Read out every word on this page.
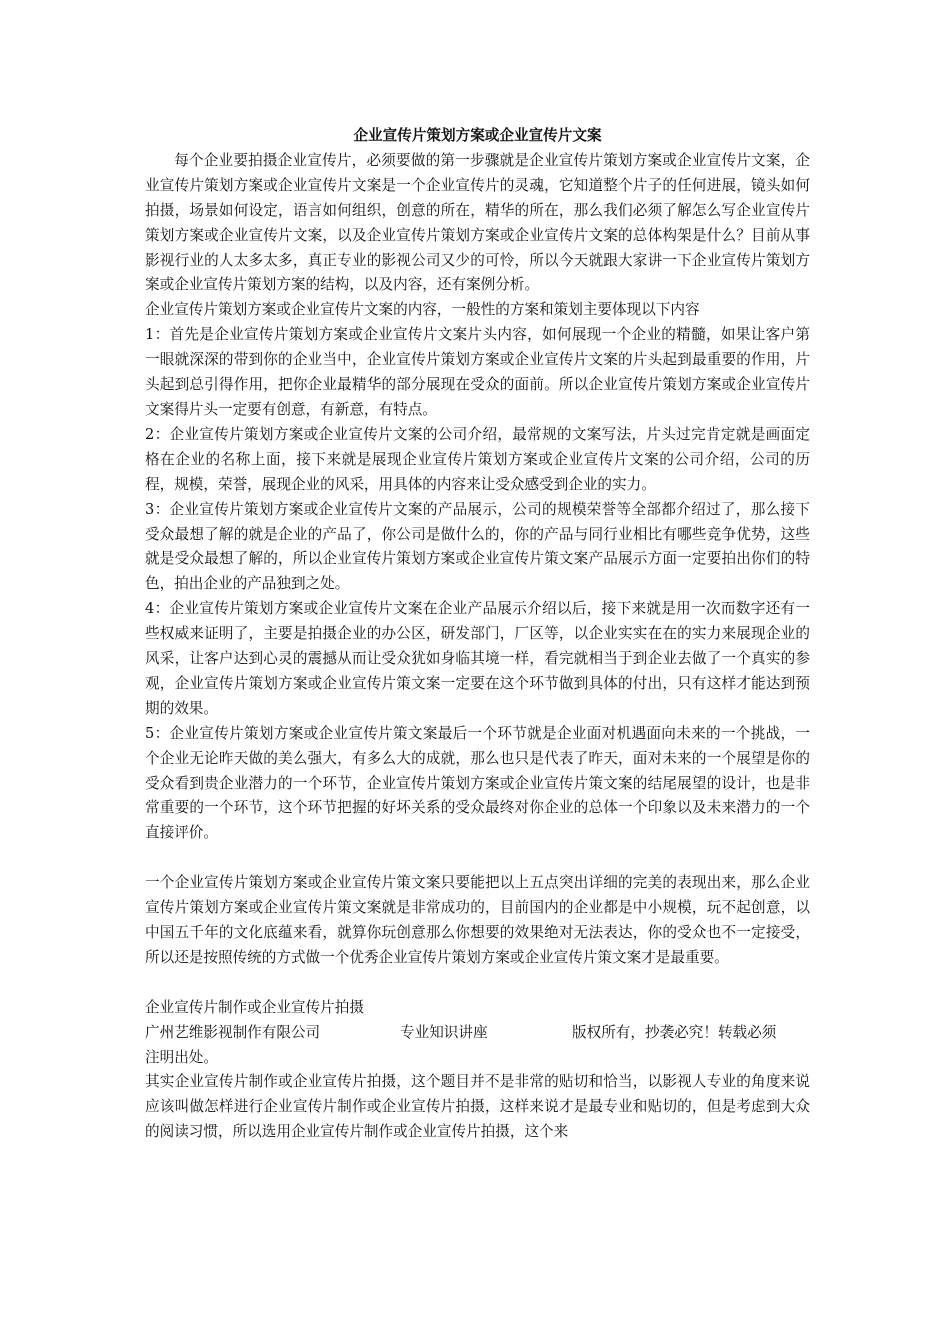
企业宣传片策划方案或企业宣传片文案

每个企业要拍摄企业宣传片，必须要做的第一步骤就是企业宣传片策划方案或企业宣传片文案，企业宣传片策划方案或企业宣传片文案是一个企业宣传片的灵魂，它知道整个片子的任何进展，镜头如何拍摄，场景如何设定，语言如何组织，创意的所在，精华的所在，那么我们必须了解怎么写企业宣传片策划方案或企业宣传片文案，以及企业宣传片策划方案或企业宣传片文案的总体构架是什么？目前从事影视行业的人太多太多，真正专业的影视公司又少的可怜，所以今天就跟大家讲一下企业宣传片策划方案或企业宣传片策划方案的结构，以及内容，还有案例分析。

企业宣传片策划方案或企业宣传片文案的内容，一般性的方案和策划主要体现以下内容

1：首先是企业宣传片策划方案或企业宣传片文案片头内容，如何展现一个企业的精髓，如果让客户第一眼就深深的带到你的企业当中，企业宣传片策划方案或企业宣传片文案的片头起到最重要的作用，片头起到总引得作用，把你企业最精华的部分展现在受众的面前。所以企业宣传片策划方案或企业宣传片文案得片头一定要有创意，有新意，有特点。

2：企业宣传片策划方案或企业宣传片文案的公司介绍，最常规的文案写法，片头过完肯定就是画面定格在企业的名称上面，接下来就是展现企业宣传片策划方案或企业宣传片文案的公司介绍，公司的历程，规模，荣誉，展现企业的风采，用具体的内容来让受众感受到企业的实力。

3：企业宣传片策划方案或企业宣传片文案的产品展示，公司的规模荣誉等全部都介绍过了，那么接下受众最想了解的就是企业的产品了，你公司是做什么的，你的产品与同行业相比有哪些竞争优势，这些就是受众最想了解的，所以企业宣传片策划方案或企业宣传片策文案产品展示方面一定要拍出你们的特色，拍出企业的产品独到之处。

4：企业宣传片策划方案或企业宣传片文案在企业产品展示介绍以后，接下来就是用一次而数字还有一些权威来证明了，主要是拍摄企业的办公区，研发部门，厂区等，以企业实实在在的实力来展现企业的风采，让客户达到心灵的震撼从而让受众犹如身临其境一样，看完就相当于到企业去做了一个真实的参观，企业宣传片策划方案或企业宣传片策文案一定要在这个环节做到具体的付出，只有这样才能达到预期的效果。

5：企业宣传片策划方案或企业宣传片策文案最后一个环节就是企业面对机遇面向未来的一个挑战，一个企业无论昨天做的美么强大，有多么大的成就，那么也只是代表了昨天，面对未来的一个展望是你的受众看到贵企业潜力的一个环节，企业宣传片策划方案或企业宣传片策文案的结尾展望的设计，也是非常重要的一个环节，这个环节把握的好坏关系的受众最终对你企业的总体一个印象以及未来潜力的一个直接评价。

一个企业宣传片策划方案或企业宣传片策文案只要能把以上五点突出详细的完美的表现出来，那么企业宣传片策划方案或企业宣传片策文案就是非常成功的，目前国内的企业都是中小规模，玩不起创意，以中国五千年的文化底蕴来看，就算你玩创意那么你想要的效果绝对无法表达，你的受众也不一定接受，所以还是按照传统的方式做一个优秀企业宣传片策划方案或企业宣传片策文案才是最重要。

企业宣传片制作或企业宣传片拍摄

广州艺维影视制作有限公司	专业知识讲座	版权所有，抄袭必究！转载必须

注明出处。

其实企业宣传片制作或企业宣传片拍摄，这个题目并不是非常的贴切和恰当，以影视人专业的角度来说应该叫做怎样进行企业宣传片制作或企业宣传片拍摄，这样来说才是最专业和贴切的，但是考虑到大众的阅读习惯，所以选用企业宣传片制作或企业宣传片拍摄，这个来
